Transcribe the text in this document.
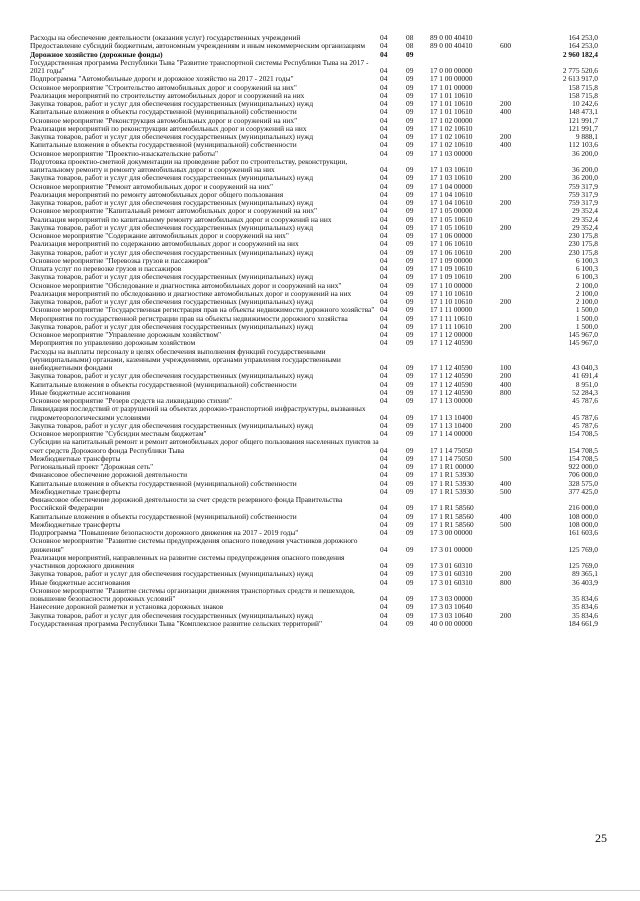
Расходы на обеспечение деятельности (оказания услуг) государственных учреждений	04	08	89 0 00 40410		164 253,0
Предоставление субсидий бюджетным, автономным учреждениям и иным некоммерческим организациям	04	08	89 0 00 40410	600	164 253,0
Дорожное хозяйство (дорожные фонды)	04	09			2 960 182,4
Государственная программа Республики Тыва "Развитие транспортной системы Республики Тыва на 2017 - 2021 годы"	04	09	17 0 00 00000		2 775 520,6
Подпрограмма "Автомобильные дороги и дорожное хозяйство на 2017 - 2021 годы"	04	09	17 1 00 00000		2 613 917,0
Основное мероприятие "Строительство автомобильных дорог и сооружений на них"	04	09	17 1 01 00000		158 715,8
Реализация мероприятий по строительству автомобильных дорог и сооружений на них	04	09	17 1 01 10610		158 715,8
Закупка товаров, работ и услуг для обеспечения государственных (муниципальных) нужд	04	09	17 1 01 10610	200	10 242,6
Капитальные вложения в объекты государственной (муниципальной) собственности	04	09	17 1 01 10610	400	148 473,1
Основное мероприятие "Реконструкция автомобильных дорог и сооружений на них"	04	09	17 1 02 00000		121 991,7
Реализация мероприятий по реконструкции автомобильных дорог и сооружений на них	04	09	17 1 02 10610		121 991,7
Закупка товаров, работ и услуг для обеспечения государственных (муниципальных) нужд	04	09	17 1 02 10610	200	9 888,1
Капитальные вложения в объекты государственной (муниципальной) собственности	04	09	17 1 02 10610	400	112 103,6
Основное мероприятие "Проектно-изыскательские работы"	04	09	17 1 03 00000		36 200,0
Подготовка проектно-сметной документации на проведение работ по строительству, реконструкции, капитальному ремонту и ремонту автомобильных дорог и сооружений на них	04	09	17 1 03 10610		36 200,0
Закупка товаров, работ и услуг для обеспечения государственных (муниципальных) нужд	04	09	17 1 03 10610	200	36 200,0
Основное мероприятие "Ремонт автомобильных дорог и сооружений на них"	04	09	17 1 04 00000		759 317,9
Реализация мероприятий по ремонту автомобильных дорог общего пользования	04	09	17 1 04 10610		759 317,9
Закупка товаров, работ и услуг для обеспечения государственных (муниципальных) нужд	04	09	17 1 04 10610	200	759 317,9
Основное мероприятие "Капитальный ремонт автомобильных дорог и сооружений на них"	04	09	17 1 05 00000		29 352,4
Реализация мероприятий по капитальному ремонту автомобильных дорог и сооружений на них	04	09	17 1 05 10610		29 352,4
Закупка товаров, работ и услуг для обеспечения государственных (муниципальных) нужд	04	09	17 1 05 10610	200	29 352,4
Основное мероприятие "Содержание автомобильных дорог и сооружений на них"	04	09	17 1 06 00000		230 175,8
Реализация мероприятий по содержанию автомобильных дорог и сооружений на них	04	09	17 1 06 10610		230 175,8
Закупка товаров, работ и услуг для обеспечения государственных (муниципальных) нужд	04	09	17 1 06 10610	200	230 175,8
Основное мероприятие "Перевозка грузов и пассажиров"	04	09	17 1 09 00000		6 100,3
Оплата услуг по перевозке грузов и пассажиров	04	09	17 1 09 10610		6 100,3
Закупка товаров, работ и услуг для обеспечения государственных (муниципальных) нужд	04	09	17 1 09 10610	200	6 100,3
Основное мероприятие "Обследование и диагностика автомобильных дорог и сооружений на них"	04	09	17 1 10 00000		2 100,0
Реализация мероприятий по обследованию и диагностике автомобильных дорог и сооружений на них	04	09	17 1 10 10610		2 100,0
Закупка товаров, работ и услуг для обеспечения государственных (муниципальных) нужд	04	09	17 1 10 10610	200	2 100,0
Основное мероприятие "Государственная регистрация прав на объекты недвижимости дорожного хозяйства"	04	09	17 1 11 00000		1 500,0
Мероприятия по государственной регистрации прав на объекты недвижимости дорожного хозяйства	04	09	17 1 11 10610		1 500,0
Закупка товаров, работ и услуг для обеспечения государственных (муниципальных) нужд	04	09	17 1 11 10610	200	1 500,0
Основное мероприятие "Управление дорожным хозяйством"	04	09	17 1 12 00000		145 967,0
Мероприятия по управлению дорожным хозяйством	04	09	17 1 12 40590		145 967,0
Расходы на выплаты персоналу в целях обеспечения выполнения функций государственными (муниципальными) органами, казенными учреждениями, органами управления государственными внебюджетными фондами	04	09	17 1 12 40590	100	43 040,3
Закупка товаров, работ и услуг для обеспечения государственных (муниципальных) нужд	04	09	17 1 12 40590	200	41 691,4
Капитальные вложения в объекты государственной (муниципальной) собственности	04	09	17 1 12 40590	400	8 951,0
Иные бюджетные ассигнования	04	09	17 1 12 40590	800	52 284,3
Основное мероприятие "Резерв средств на ликвидацию стихии"	04	09	17 1 13 00000		45 787,6
Ликвидация последствий от разрушений на объектах дорожно-транспортной инфраструктуры, вызванных гидрометеорологическими условиями	04	09	17 1 13 10400		45 787,6
Закупка товаров, работ и услуг для обеспечения государственных (муниципальных) нужд	04	09	17 1 13 10400	200	45 787,6
Основное мероприятие "Субсидии местным бюджетам"	04	09	17 1 14 00000		154 708,5
Субсидии на капитальный ремонт и ремонт автомобильных дорог общего пользования населенных пунктов за счет средств Дорожного фонда Республики Тыва	04	09	17 1 14 75050		154 708,5
Межбюджетные трансферты	04	09	17 1 14 75050	500	154 708,5
Региональный проект "Дорожная сеть"	04	09	17 1 R1 00000		922 000,0
Финансовое обеспечение дорожной деятельности	04	09	17 1 R1 53930		706 000,0
Капитальные вложения в объекты государственной (муниципальной) собственности	04	09	17 1 R1 53930	400	328 575,0
Межбюджетные трансферты	04	09	17 1 R1 53930	500	377 425,0
Финансовое обеспечение дорожной деятельности за счет средств резервного фонда Правительства Российской Федерации	04	09	17 1 R1 58560		216 000,0
Капитальные вложения в объекты государственной (муниципальной) собственности	04	09	17 1 R1 58560	400	108 000,0
Межбюджетные трансферты	04	09	17 1 R1 58560	500	108 000,0
Подпрограмма "Повышение безопасности дорожного движения на 2017 - 2019 годы"	04	09	17 3 00 00000		161 603,6
Основное мероприятие "Развитие системы предупреждения опасного поведения участников дорожного движения"	04	09	17 3 01 00000		125 769,0
Реализация мероприятий, направленных на развитие системы предупреждения опасного поведения участников дорожного движения	04	09	17 3 01 60310		125 769,0
Закупка товаров, работ и услуг для обеспечения государственных (муниципальных) нужд	04	09	17 3 01 60310	200	89 365,1
Иные бюджетные ассигнования	04	09	17 3 01 60310	800	36 403,9
Основное мероприятие "Развитие системы организации движения транспортных средств и пешеходов, повышение безопасности дорожных условий"	04	09	17 3 03 00000		35 834,6
Нанесение дорожной разметки и установка дорожных знаков	04	09	17 3 03 10640		35 834,6
Закупка товаров, работ и услуг для обеспечения государственных (муниципальных) нужд	04	09	17 3 03 10640	200	35 834,6
Государственная программа Республики Тыва "Комплексное развитие сельских территорий"	04	09	40 0 00 00000		184 661,9
25
